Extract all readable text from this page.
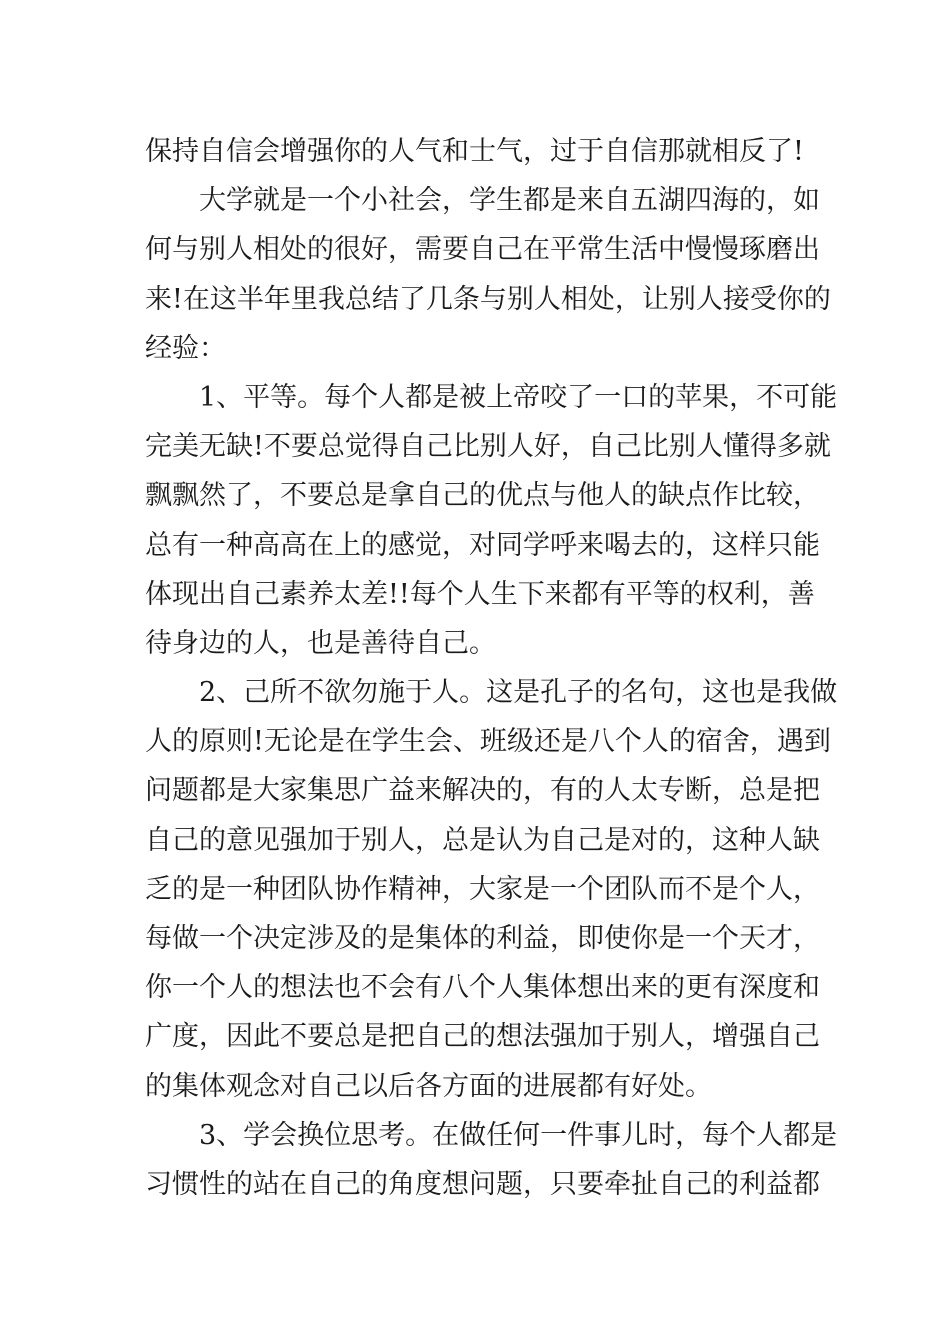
保持自信会增强你的人气和士气，过于自信那就相反了!
大学就是一个小社会，学生都是来自五湖四海的，如
何与别人相处的很好，需要自己在平常生活中慢慢琢磨出
来!在这半年里我总结了几条与别人相处，让别人接受你的
经验：
1、平等。每个人都是被上帝咬了一口的苹果，不可能
完美无缺!不要总觉得自己比别人好，自己比别人懂得多就
飘飘然了，不要总是拿自己的优点与他人的缺点作比较，
总有一种高高在上的感觉，对同学呼来喝去的，这样只能
体现出自己素养太差!!每个人生下来都有平等的权利，善
待身边的人，也是善待自己。
2、己所不欲勿施于人。这是孔子的名句，这也是我做
人的原则!无论是在学生会、班级还是八个人的宿舍，遇到
问题都是大家集思广益来解决的，有的人太专断，总是把
自己的意见强加于别人，总是认为自己是对的，这种人缺
乏的是一种团队协作精神，大家是一个团队而不是个人，
每做一个决定涉及的是集体的利益，即使你是一个天才，
你一个人的想法也不会有八个人集体想出来的更有深度和
广度，因此不要总是把自己的想法强加于别人，增强自己
的集体观念对自己以后各方面的进展都有好处。
3、学会换位思考。在做任何一件事儿时，每个人都是
习惯性的站在自己的角度想问题，只要牵扯自己的利益都
